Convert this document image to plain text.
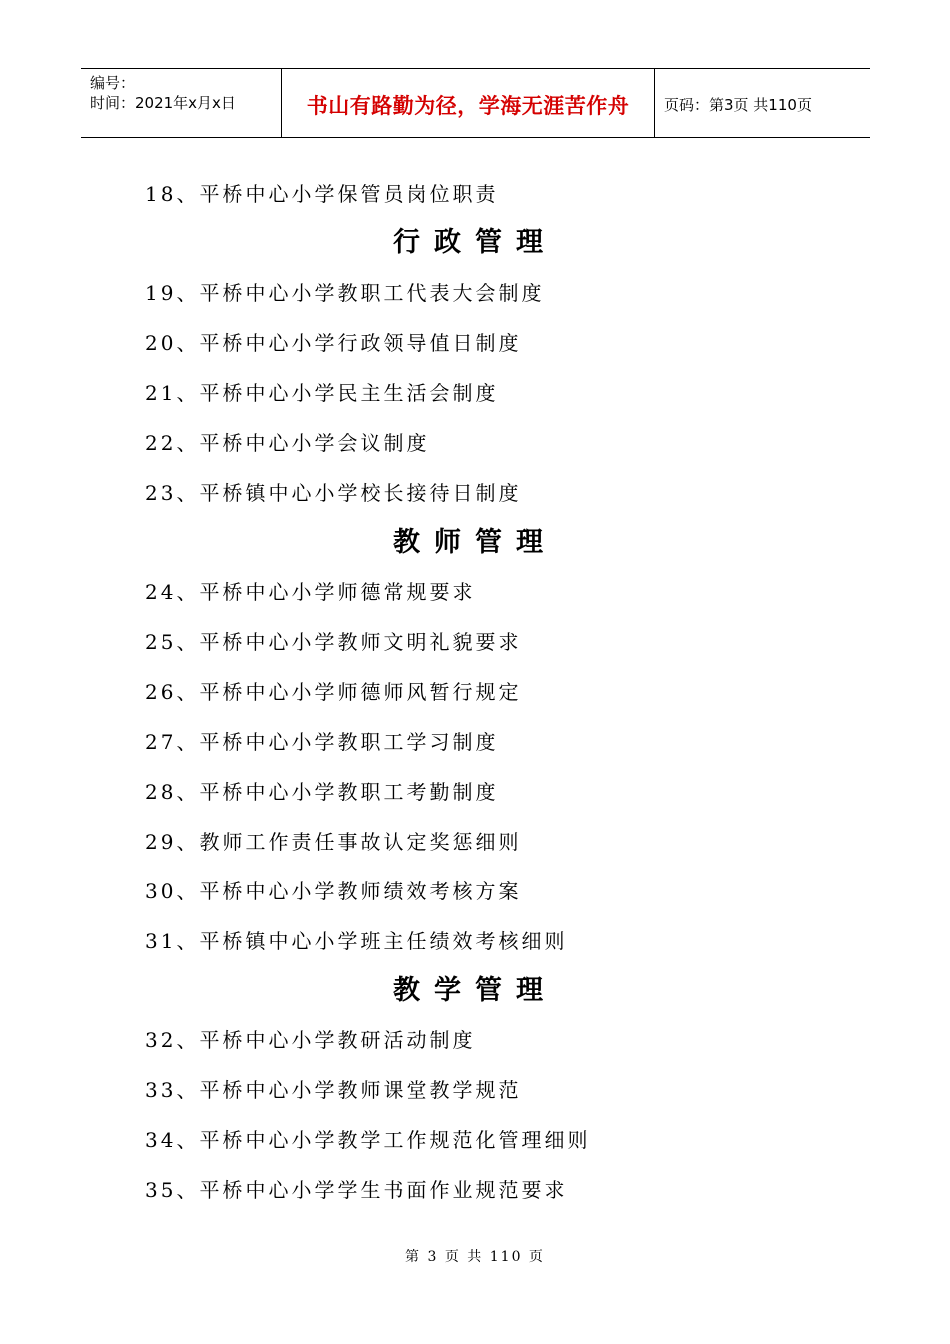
编号：
时间：2021年x月x日	书山有路勤为径，学海无涯苦作舟	页码：第3页 共110页
18、平桥中心小学保管员岗位职责
行政管理
19、平桥中心小学教职工代表大会制度
20、平桥中心小学行政领导值日制度
21、平桥中心小学民主生活会制度
22、平桥中心小学会议制度
23、平桥镇中心小学校长接待日制度
教师管理
24、平桥中心小学师德常规要求
25、平桥中心小学教师文明礼貌要求
26、平桥中心小学师德师风暂行规定
27、平桥中心小学教职工学习制度
28、平桥中心小学教职工考勤制度
29、教师工作责任事故认定奖惩细则
30、平桥中心小学教师绩效考核方案
31、平桥镇中心小学班主任绩效考核细则
教学管理
32、平桥中心小学教研活动制度
33、平桥中心小学教师课堂教学规范
34、平桥中心小学教学工作规范化管理细则
35、平桥中心小学学生书面作业规范要求
第 3 页 共 110 页
